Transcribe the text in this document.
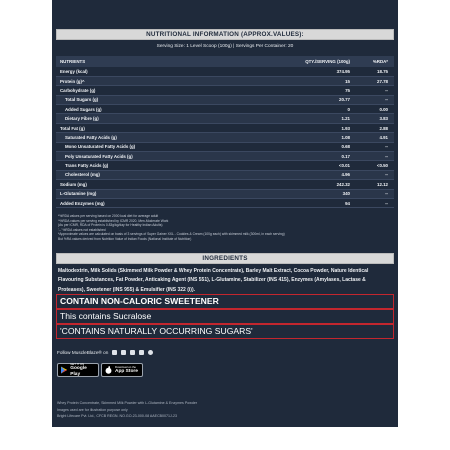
NUTRITIONAL INFORMATION (APPROX.VALUES):
Serving Size: 1 Level Scoop (100g) | Servings Per Container: 20
NUTRIENTS	QTY./SERVING (100g)	%RDA*
Energy (kcal)	374.95	18.75
Protein (g)^	15	27.78
Carbohydrate (g)	75	--
Total Sugars (g)	20.77	--
Added Sugars (g)	0	0.00
Dietary Fibre (g)	1.21	3.83
Total Fat (g)	1.93	2.88
Saturated Fatty Acids (g)	1.08	4.91
Mono Unsaturated Fatty Acids (g)	0.68	--
Poly Unsaturated Fatty Acids (g)	0.17	--
Trans Fatty Acids (g)	<0.01	<0.50
Cholesterol (mg)	4.96	--
Sodium (mg)	242.32	12.12
L-Glutamine (mg)	340	--
Added Enzymes (mg)	94	--
*%RDA values per serving based on 2000 kcal diet for average adult
^%RDA values per serving established by ICMR 2020. Men-Moderate Work
(As per ICMR, RDA of Protein is 0.83g/kg/day for Healthy Indian Adults)
'--' %RDA values not established
*Approximate values are calculated on basis of 3 servings of Super Gainer XXL - Cookies & Cream (100g each) with skimmed milk (300ml, in each serving)
But %RA values derived from Nutrition Value of Indian Foods (National Institute of Nutrition)
INGREDIENTS
Maltodextrin, Milk Solids (Skimmed Milk Powder & Whey Protein Concentrate), Barley Malt Extract, Cocoa Powder, Nature Identical Flavouring Substances, Fat Powder, Anticaking Agent (INS 551), L-Glutamine, Stabilizer (INS 415), Enzymes (Amylases, Lactase & Proteases), Sweetener (INS 955) & Emulsifier (INS 322 (i)).
CONTAIN NON-CALORIC SWEETENER
This contains Sucralose
'CONTAINS NATURALLY OCCURRING SUGARS'
Follow MuscleBlaze® on
GET IT ON
Google Play
Download on the
App Store
Whey Protein Concentrate, Skimmed Milk Powder with L-Glutamine & Enzymes Powder
Images used are for illustration purpose only
Bright Lifecare Pvt. Ltd., CFCB REGN. NO.GO-23-000-08 AAECB0071J-23
